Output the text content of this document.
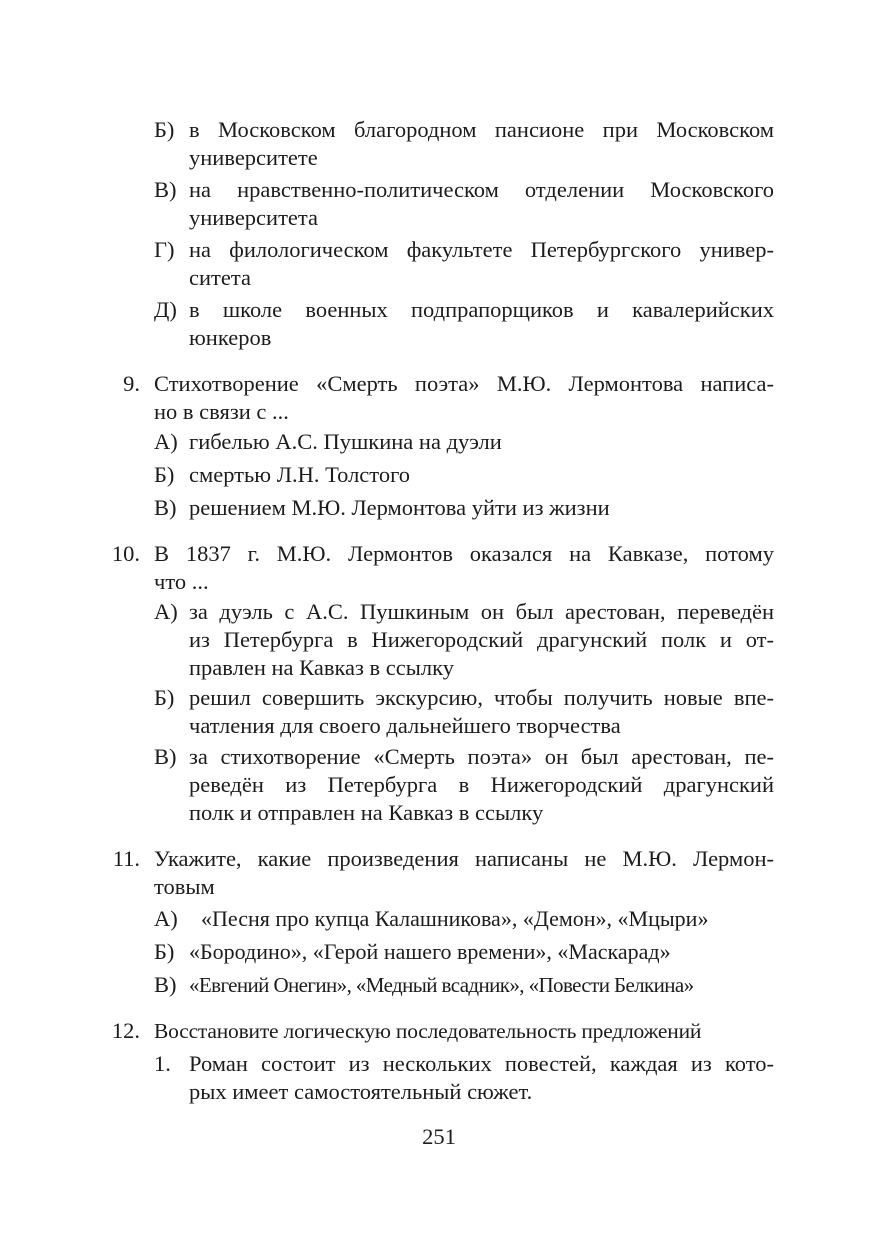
Б) в Московском благородном пансионе при Московском
университете
В) на нравственно-политическом отделении Московского
университета
Г) на филологическом факультете Петербургского универ-
ситета
Д) в школе военных подпрапорщиков и кавалерийских
юнкеров
9. Стихотворение «Смерть поэта» М.Ю. Лермонтова написа-
но в связи с ...
А) гибелью А.С. Пушкина на дуэли
Б) смертью Л.Н. Толстого
В) решением М.Ю. Лермонтова уйти из жизни
10. В 1837 г. М.Ю. Лермонтов оказался на Кавказе, потому
что ...
А) за дуэль с А.С. Пушкиным он был арестован, переведён
из Петербурга в Нижегородский драгунский полк и от-
правлен на Кавказ в ссылку
Б) решил совершить экскурсию, чтобы получить новые впе-
чатления для своего дальнейшего творчества
В) за стихотворение «Смерть поэта» он был арестован, пе-
реведён из Петербурга в Нижегородский драгунский
полк и отправлен на Кавказ в ссылку
11. Укажите, какие произведения написаны не М.Ю. Лермон-
товым
А) «Песня про купца Калашникова», «Демон», «Мцыри»
Б) «Бородино», «Герой нашего времени», «Маскарад»
В) «Евгений Онегин», «Медный всадник», «Повести Белкина»
12. Восстановите логическую последовательность предложений
1. Роман состоит из нескольких повестей, каждая из кото-
рых имеет самостоятельный сюжет.
251
